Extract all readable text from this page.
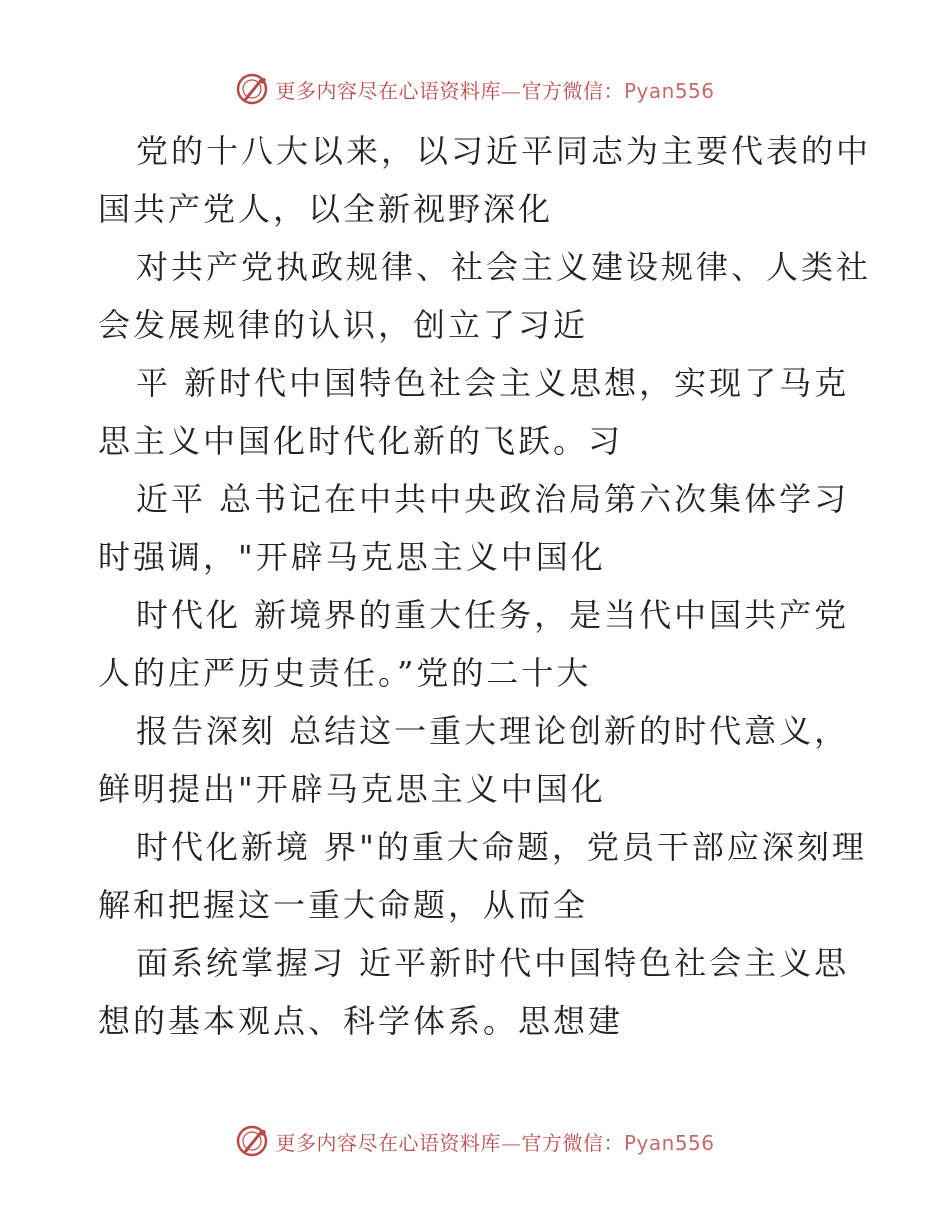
更多内容尽在心语资料库—官方微信：Pyan556

党的十八大以来，以习近平同志为主要代表的中
国共产党人，以全新视野深化

对共产党执政规律、社会主义建设规律、人类社
会发展规律的认识，创立了习近

平 新时代中国特色社会主义思想，实现了马克
思主义中国化时代化新的飞跃。习

近平 总书记在中共中央政治局第六次集体学习
时强调，"开辟马克思主义中国化

时代化 新境界的重大任务，是当代中国共产党
人的庄严历史责任。”党的二十大

报告深刻 总结这一重大理论创新的时代意义，
鲜明提出"开辟马克思主义中国化

时代化新境 界"的重大命题，党员干部应深刻理
解和把握这一重大命题，从而全

面系统掌握习 近平新时代中国特色社会主义思
想的基本观点、科学体系。思想建

更多内容尽在心语资料库—官方微信：Pyan556
